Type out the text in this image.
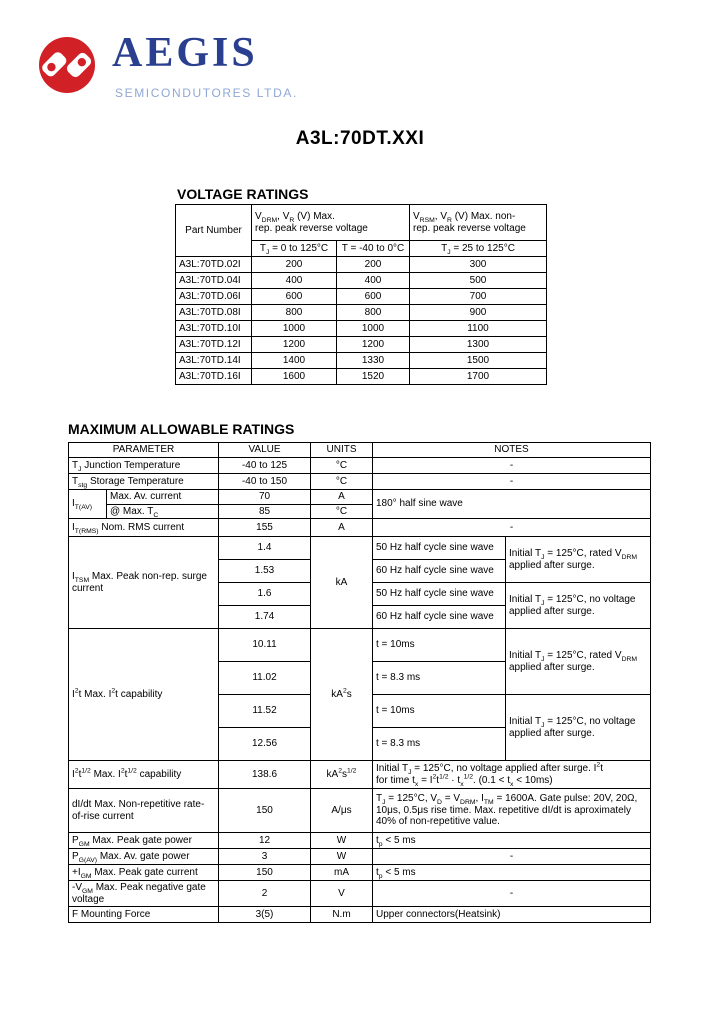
AEGIS
SEMICONDUTORES LTDA.
A3L:70DT.XXI
VOLTAGE RATINGS
Part Number	$V_{DRM}$, $V_R$ (V) Max.
rep. peak reverse voltage		$V_{RSM}$, $V_R$ (V) Max. non-
rep. peak reverse voltage
	$T_J = 0$ to 125°C	T = -40 to 0°C	$T_J = 25$ to 125°C
A3L:70TD.02I	200	200	300
A3L:70TD.04I	400	400	500
A3L:70TD.06I	600	600	700
A3L:70TD.08I	800	800	900
A3L:70TD.10I	1000	1000	1100
A3L:70TD.12I	1200	1200	1300
A3L:70TD.14I	1400	1330	1500
A3L:70TD.16I	1600	1520	1700
MAXIMUM ALLOWABLE RATINGS
PARAMETER		VALUE	UNITS	NOTES	
$T_J$ Junction Temperature		-40 to 125	°C	-	
$T_{stg}$ Storage Temperature		-40 to 150	°C	-	
$I_{T(AV)}$	Max. Av. current	70	A	180° half sine wave	
	@ Max. $T_C$	85	°C		
$I_{T(RMS)}$ Nom. RMS current		155	A	-	
$I_{TSM}$ Max. Peak non-rep. surge current		1.4	kA	50 Hz half cycle sine wave	Initial $T_J = 125^\circ C$, rated $V_{DRM}$ applied after surge.
		1.53		60 Hz half cycle sine wave	
		1.6		50 Hz half cycle sine wave	Initial $T_J = 125^\circ C$, no voltage applied after surge.
		1.74		60 Hz half cycle sine wave	
$I^2t$ Max. $I^2t$ capability		10.11	$kA^2s$	t = 10ms	Initial $T_J = 125^\circ C$, rated $V_{DRM}$ applied after surge.
		11.02		t = 8.3 ms	
		11.52		t = 10ms	Initial $T_J = 125^\circ C$, no voltage applied after surge.
		12.56		t = 8.3 ms	
$I^2t^{1/2}$ Max. $I^2t^{1/2}$ capability		138.6	$kA^2s^{1/2}$	Initial $T_J = 125^\circ C$, no voltage applied after surge. $I^2t$
for time $t_x = I^2t^{1/2} \cdot t_x^{1/2}$. $(0.1 < t_x < 10ms)$	
dI/dt Max. Non-repetitive rate-of-rise current		150	A/μs	$T_J = 125^\circ C$, $V_D = V_{DRM}$, $I_{TM} = 1600A$. Gate pulse: 20V, 20Ω, 10μs, 0.5μs rise time. Max. repetitive dI/dt is aproximately 40% of non-repetitive value.	
$P_{GM}$ Max. Peak gate power		12	W	$t_p < 5$ ms	
$P_{G(AV)}$ Max. Av. gate power		3	W	-	
$+I_{GM}$ Max. Peak gate current		150	mA	$t_p < 5$ ms	
$-V_{GM}$ Max. Peak negative gate voltage		2	V	-	
F Mounting Force		3(5)	N.m	Upper connectors(Heatsink)	
